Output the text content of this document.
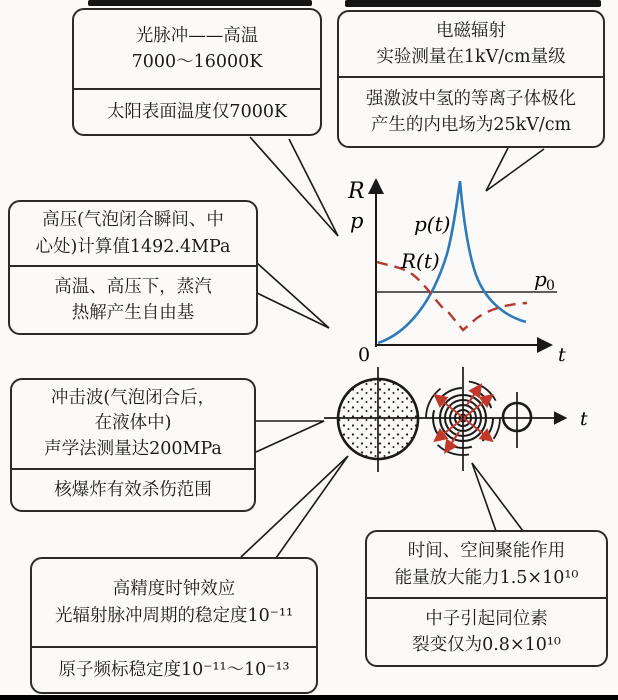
R
p	p(t)
R(t)
p 0
0	t
t
光脉冲——高温
7000～16000K
太阳表面温度仅7000K
电磁辐射
实验测量在1kV/cm量级
强激波中氢的等离子体极化
产生的内电场为25kV/cm
高压(气泡闭合瞬间、中
心处)计算值1492.4MPa
高温、高压下，蒸汽
热解产生自由基
冲击波(气泡闭合后，
在液体中)
声学法测量达200MPa
核爆炸有效杀伤范围
高精度时钟效应
光辐射脉冲周期的稳定度10⁻¹¹
原子频标稳定度10⁻¹¹～10⁻¹³
时间、空间聚能作用
能量放大能力1.5×10¹⁰
中子引起同位素
裂变仅为0.8×10¹⁰
